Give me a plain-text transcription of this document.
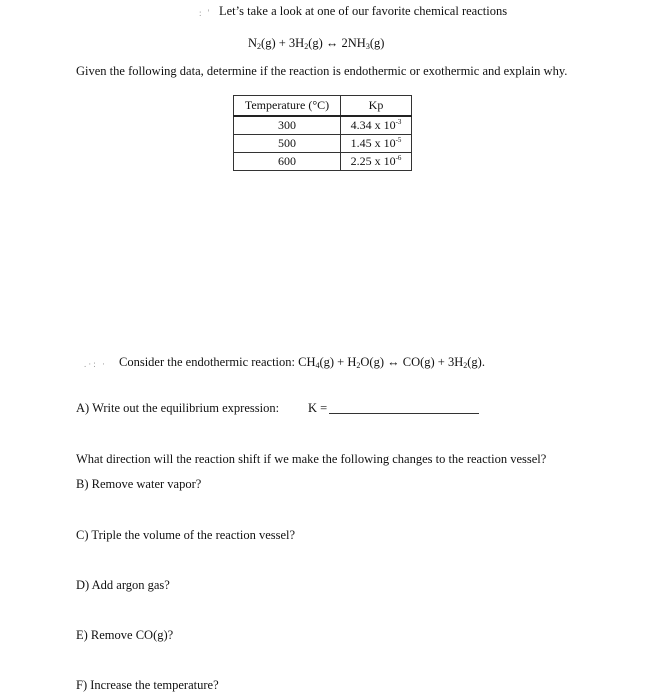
: ' Let’s take a look at one of our favorite chemical reactions
$N_2(g) + 3H_2(g)$ ↔ $2NH_3(g)$
Given the following data, determine if the reaction is endothermic or exothermic and explain why.
Temperature (°C)	Kp
300	4.34 x $10^{-3}$
500	1.45 x $10^{-5}$
600	2.25 x $10^{-6}$
.·: · Consider the endothermic reaction: $CH_4(g) + H_2O(g)$ ↔ $CO(g) + 3H_2(g)$.
A) Write out the equilibrium expression: K =
What direction will the reaction shift if we make the following changes to the reaction vessel?
B) Remove water vapor?
C) Triple the volume of the reaction vessel?
D) Add argon gas?
E) Remove CO(g)?
F) Increase the temperature?
